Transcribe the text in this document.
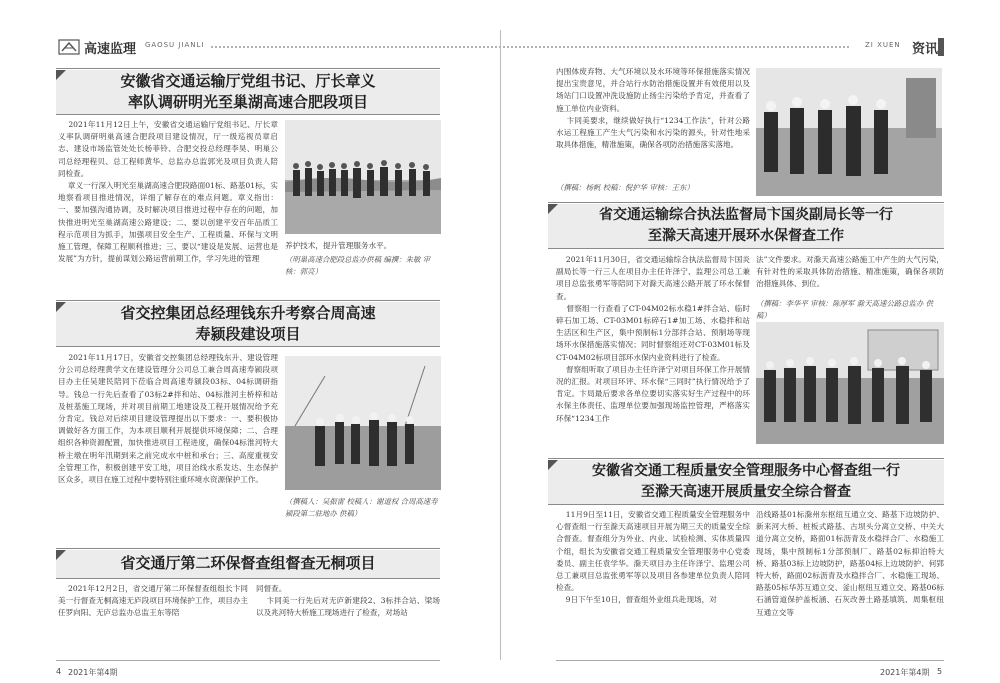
高速监理 GAOSU JIANLI	ZI XUEN 资讯
安徽省交通运输厅党组书记、厅长章义
率队调研明光至巢湖高速合肥段项目
2021年11月12日上午，安徽省交通运输厅党组书记、厅长章义率队调研明巢高速合肥段项目建设情况，厅一级巡视员章启志、建设市场监管处处长杨菲铃、合肥交投总经理李昊、明巢公司总经理程贝、总工程师黄华、总监办总监郭光及项目负责人陪同检查。
章义一行深入明光至巢湖高速合肥段路面01标、路基01标，实地察看项目推进情况，详细了解存在的难点问题。章义指出：一、要加强沟通协调，及时解决项目推进过程中存在的问题，加快推进明光至巢湖高速公路建设；二、要以创建平安百年品质工程示范项目为抓手，加强项目安全生产、工程质量、环保与文明施工管理，保障工程顺利推进；三、要以“建设是发展、运营也是发展”为方针，提前谋划公路运营前期工作，学习先进的管理
养护技术，提升管理服务水平。
（明巢高速合肥段总监办供稿 编撰：朱敏 审核：郭亮）
省交控集团总经理钱东升考察合周高速
寿颍段建设项目
2021年11月17日，安徽省交控集团总经理钱东升、建设管理分公司总经理黄学文在建设管理分公司总工兼合周高速寿颍段项目办主任吴建民陪同下莅临合周高速寿颍段03标、04标调研指导。钱总一行先后查看了03标2#拌和站、04标淮河主桥梓和站及桩基施工现场，并对项目前期工地建设及工程开展情况给予充分肯定。钱总对后续项目建设管理提出以下要求：一、要积极协调做好各方面工作，为本项目顺利开展提供环境保障；二、合理组织各种资源配置，加快推进项目工程进度，确保04标淮河特大桥主墩在明年汛期到来之前完成水中桩和承台；三、高度重视安全管理工作，积极创建平安工地，项目治线水系发达、生态保护区众多，项目在施工过程中要特别注重环境水资源保护工作。
（撰稿人：吴振雷 校稿人：谢道权 合周高速寿颍段第二驻地办 供稿）
省交通厅第二环保督查组督查无桐项目
2021年12月2日，省交通厅第二环保督查组组长卞同美一行督查无桐高速无庐段项目环境保护工作，项目办主任罗向阳、无庐总监办总监王东等陪
同督查。
卞同美一行先后对无庐新建段2、3标拌合站、梁场以及兆河特大桥施工现场进行了检查，对场站
4 2021年第4期
内围体废弃物、大气环境以及水环境等环保措施落实情况提出宝贵意见，并合站行水防治措施设置并有效使用以及场站门口设置冲洗设施防止扬尘污染给予肯定，并查看了施工单位内业资料。
卞同美要求，继续做好执行“1234工作法”，针对公路水运工程施工产生大气污染和水污染的源头，针对性地采取具体措施，精准施策，确保各项防治措施落实落地。
（撰稿：杨帆 校稿：倪护华 审核：王东）
省交通运输综合执法监督局卞国炎副局长等一行
至滁天高速开展环水保督查工作
2021年11月30日，省交通运输综合执法监督局卞国炎副局长等一行三人在项目办主任许泽宁、监理公司总工兼项目总监张勇军等陪同下对滁天高速公路开展了环水保督查。
督察组一行查看了CT-04M02标水稳1#拌合站、临时碎石加工场、CT-03M01标碎石1#加工场、水稳拌和站生活区和生产区，集中预制标1分部拌合站、预制场等现场环水保措施落实情况；同时督察组还对CT-03M01标及CT-04M02标项目部环水保内业资料进行了检查。
督察组听取了项目办主任许泽宁对项目环保工作开展情况的汇报。对项目环评、环水保“三同时”执行情况给予了肯定。卞局最后要求各单位要切实落实好生产过程中的环水保主体责任、监理单位要加强现场监控管理，严格落实环保“1234工作
法”文件要求。对滁天高速公路施工中产生的大气污染，有针对性的采取具体防治措施、精准施策，确保各项防治措施具体、到位。
（撰稿：李华平 审核：陈厚军 滁天高速公路总监办 供稿）
安徽省交通工程质量安全管理服务中心督查组一行
至滁天高速开展质量安全综合督查
11月9日至11日，安徽省交通工程质量安全管理服务中心督查组一行至滁天高速项目开展为期三天的质量安全综合督查。督查组分为外业、内业、试验检测、实体质量四个组，组长为安徽省交通工程质量安全管理服务中心党委委员、副主任袁学华。滁天项目办主任许泽宁、监理公司总工兼项目总监张勇军等以及项目各参建单位负责人陪同检查。
9日下午至10日，督查组外业组兵赴现场，对
沿线路基01标滁州东枢纽互通立交、路基下边坡防护、新来河大桥、桩板式路基、古坝头分离立交桥、中关大道分离立交桥，路面01标沥青及水稳拌合厂、水稳施工现场，集中预制标1分部预制厂、路基02标抑泊特大桥、路基03标上边坡防护，路基04标上边坡防护、何郢特大桥，路面02标沥青及水稳拌合厂、水稳施工现场、路基05标华苏互通立交、釜山枢纽互通立交、路基06标石涵管道保护盖板涵、石灰改善土路基填筑、周集枢纽互通立交等
2021年第4期 5
